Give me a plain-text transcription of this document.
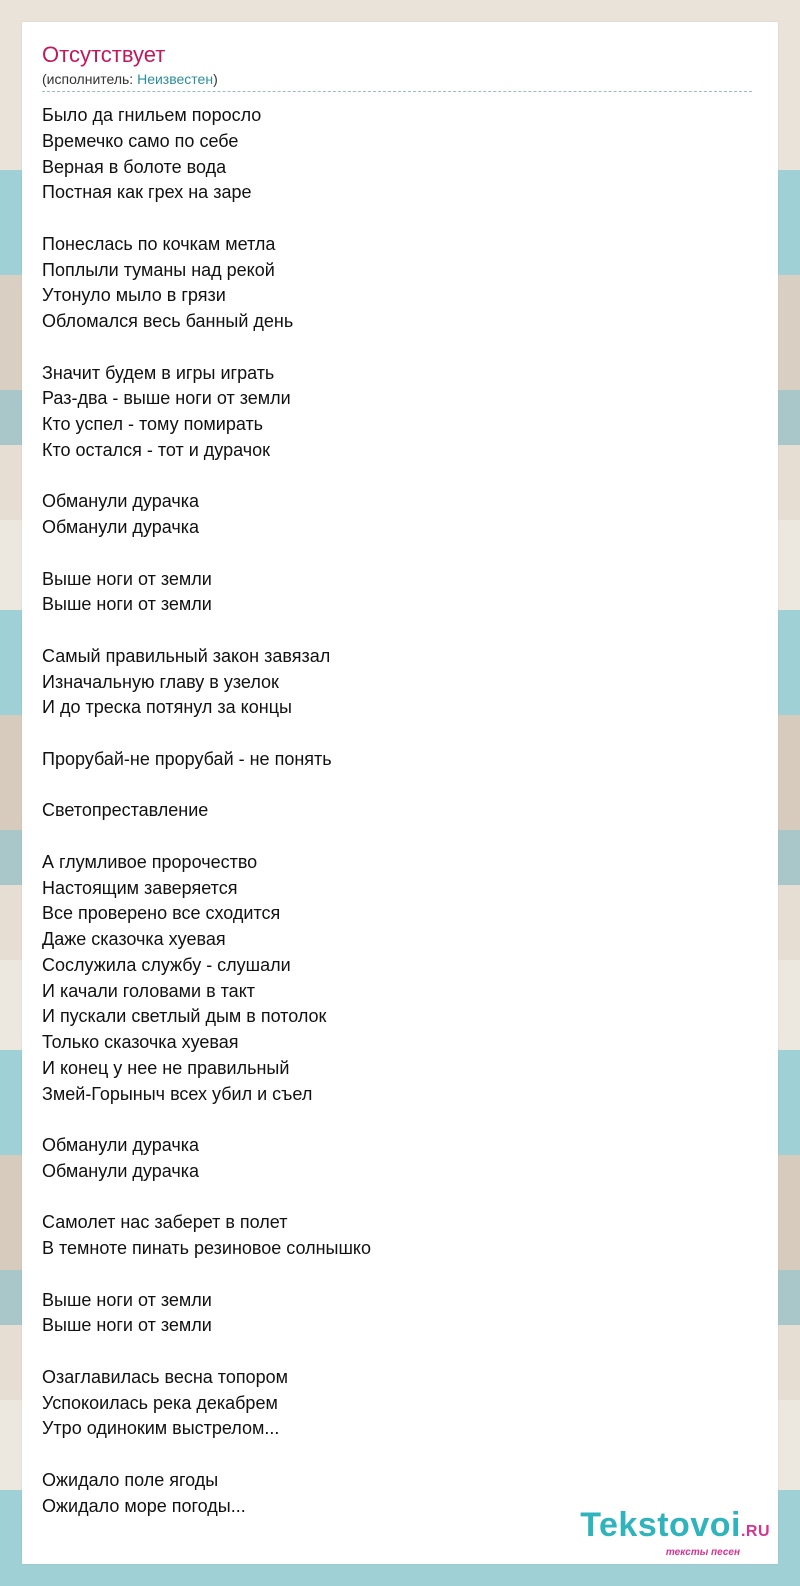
Отсутствует
(исполнитель: Неизвестен)
Было да гнильем поросло
Времечко само по себе
Верная в болоте вода
Постная как грех на заре
Понеслась по кочкам метла
Поплыли туманы над рекой
Утонуло мыло в грязи
Обломался весь банный день
Значит будем в игры играть
Раз-два - выше ноги от земли
Кто успел - тому помирать
Кто остался - тот и дурачок
Обманули дурачка
Обманули дурачка
Выше ноги от земли
Выше ноги от земли
Самый правильный закон завязал
Изначальную главу в узелок
И до треска потянул за концы
Прорубай-не прорубай - не понять
Светопреставление
А глумливое пророчество
Настоящим заверяется
Все проверено все сходится
Даже сказочка хуевая
Сослужила службу - слушали
И качали головами в такт
И пускали светлый дым в потолок
Только сказочка хуевая
И конец у нее не правильный
Змей-Горыныч всех убил и съел
Обманули дурачка
Обманули дурачка
Самолет нас заберет в полет
В темноте пинать резиновое солнышко
Выше ноги от земли
Выше ноги от земли
Озаглавилась весна топором
Успокоилась река декабрем
Утро одиноким выстрелом...
Ожидало поле ягоды
Ожидало море погоды...
Tekstovoi.RU
тексты песен
